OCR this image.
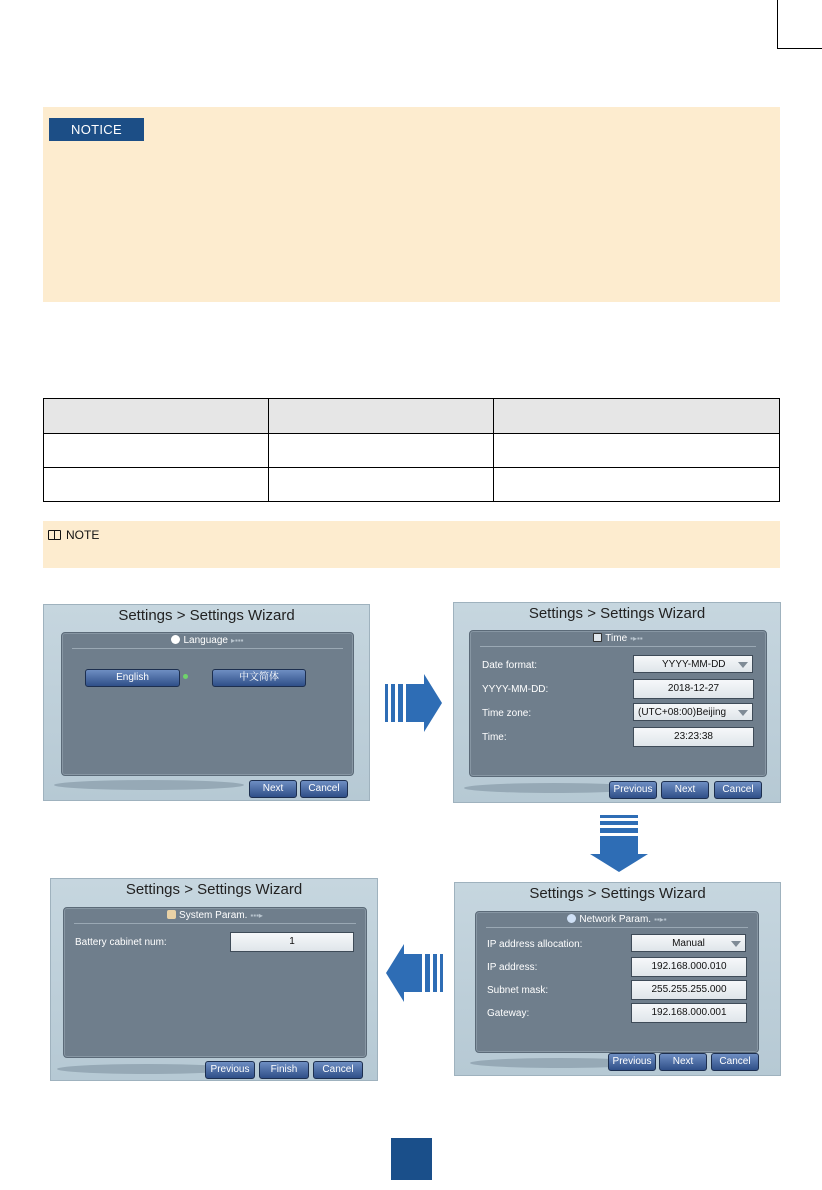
NOTICE

NOTE
Settings > Settings Wizard
Language ▸▪▪▪
English	中文简体
Next	Cancel
Settings > Settings Wizard
Time ▪▸▪▪
Date format:	YYYY-MM-DD
YYYY-MM-DD:	2018-12-27
Time zone:	(UTC+08:00)Beijing
Time:	23:23:38
Previous	Next	Cancel
Settings > Settings Wizard
Network Param. ▪▪▸▪
IP address allocation:	Manual
IP address:	192.168.000.010
Subnet mask:	255.255.255.000
Gateway:	192.168.000.001
Previous	Next	Cancel
Settings > Settings Wizard
System Param. ▪▪▪▸
Battery cabinet num:	1
Previous	Finish	Cancel
